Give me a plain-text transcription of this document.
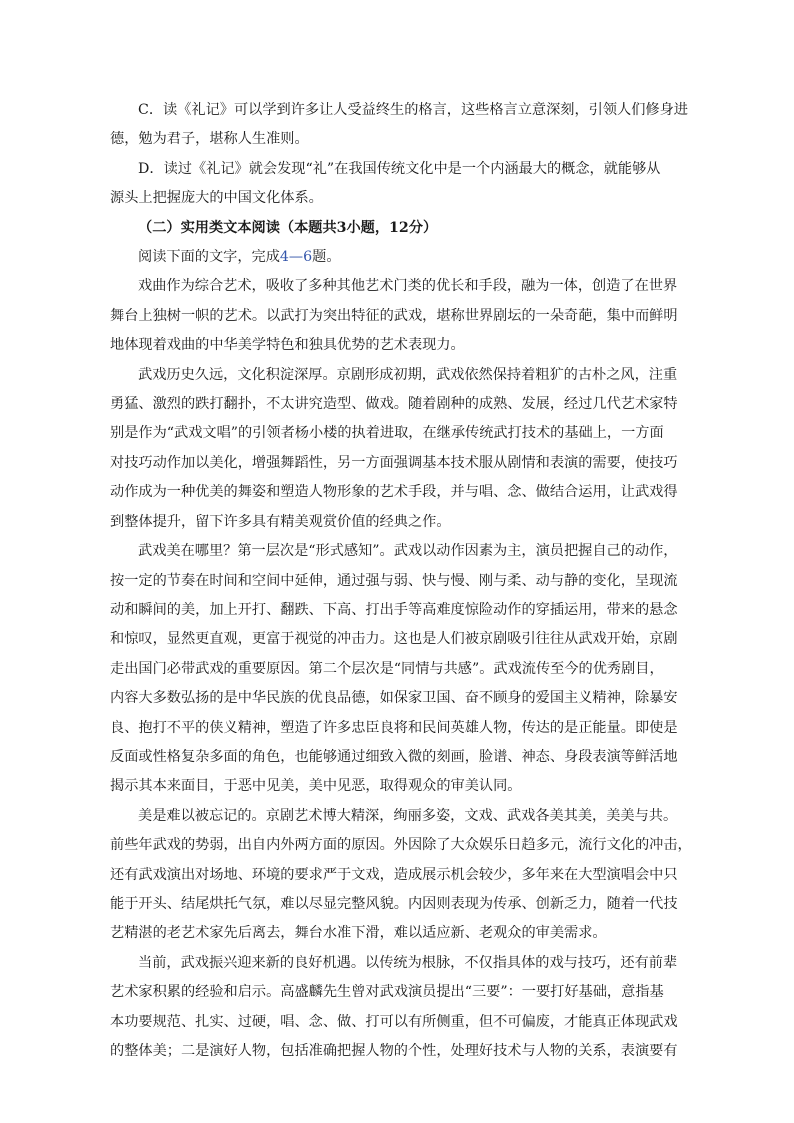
C．读《礼记》可以学到许多让人受益终生的格言，这些格言立意深刻，引领人们修身进
德，勉为君子，堪称人生准则。
D．读过《礼记》就会发现“礼”在我国传统文化中是一个内涵最大的概念，就能够从
源头上把握庞大的中国文化体系。
（二）实用类文本阅读（本题共3小题，12分）
阅读下面的文字，完成4—6题。
戏曲作为综合艺术，吸收了多种其他艺术门类的优长和手段，融为一体，创造了在世界
舞台上独树一帜的艺术。以武打为突出特征的武戏，堪称世界剧坛的一朵奇葩，集中而鲜明
地体现着戏曲的中华美学特色和独具优势的艺术表现力。
武戏历史久远，文化积淀深厚。京剧形成初期，武戏依然保持着粗犷的古朴之风，注重
勇猛、激烈的跌打翻扑，不太讲究造型、做戏。随着剧种的成熟、发展，经过几代艺术家特
别是作为“武戏文唱”的引领者杨小楼的执着进取，在继承传统武打技术的基础上，一方面
对技巧动作加以美化，增强舞蹈性，另一方面强调基本技术服从剧情和表演的需要，使技巧
动作成为一种优美的舞姿和塑造人物形象的艺术手段，并与唱、念、做结合运用，让武戏得
到整体提升，留下许多具有精美观赏价值的经典之作。
武戏美在哪里？第一层次是“形式感知”。武戏以动作因素为主，演员把握自己的动作，
按一定的节奏在时间和空间中延伸，通过强与弱、快与慢、刚与柔、动与静的变化，呈现流
动和瞬间的美，加上开打、翻跌、下高、打出手等高难度惊险动作的穿插运用，带来的悬念
和惊叹，显然更直观，更富于视觉的冲击力。这也是人们被京剧吸引往往从武戏开始，京剧
走出国门必带武戏的重要原因。第二个层次是“同情与共感”。武戏流传至今的优秀剧目，
内容大多数弘扬的是中华民族的优良品德，如保家卫国、奋不顾身的爱国主义精神，除暴安
良、抱打不平的侠义精神，塑造了许多忠臣良将和民间英雄人物，传达的是正能量。即使是
反面或性格复杂多面的角色，也能够通过细致入微的刻画，脸谱、神态、身段表演等鲜活地
揭示其本来面目，于恶中见美，美中见恶，取得观众的审美认同。
美是难以被忘记的。京剧艺术博大精深，绚丽多姿，文戏、武戏各美其美，美美与共。
前些年武戏的势弱，出自内外两方面的原因。外因除了大众娱乐日趋多元，流行文化的冲击，
还有武戏演出对场地、环境的要求严于文戏，造成展示机会较少，多年来在大型演唱会中只
能于开头、结尾烘托气氛，难以尽显完整风貌。内因则表现为传承、创新乏力，随着一代技
艺精湛的老艺术家先后离去，舞台水准下滑，难以适应新、老观众的审美需求。
当前，武戏振兴迎来新的良好机遇。以传统为根脉，不仅指具体的戏与技巧，还有前辈
艺术家积累的经验和启示。高盛麟先生曾对武戏演员提出“三要”：一要打好基础，意指基
本功要规范、扎实、过硬，唱、念、做、打可以有所侧重，但不可偏废，才能真正体现武戏
的整体美；二是演好人物，包括准确把握人物的个性，处理好技术与人物的关系，表演要有
